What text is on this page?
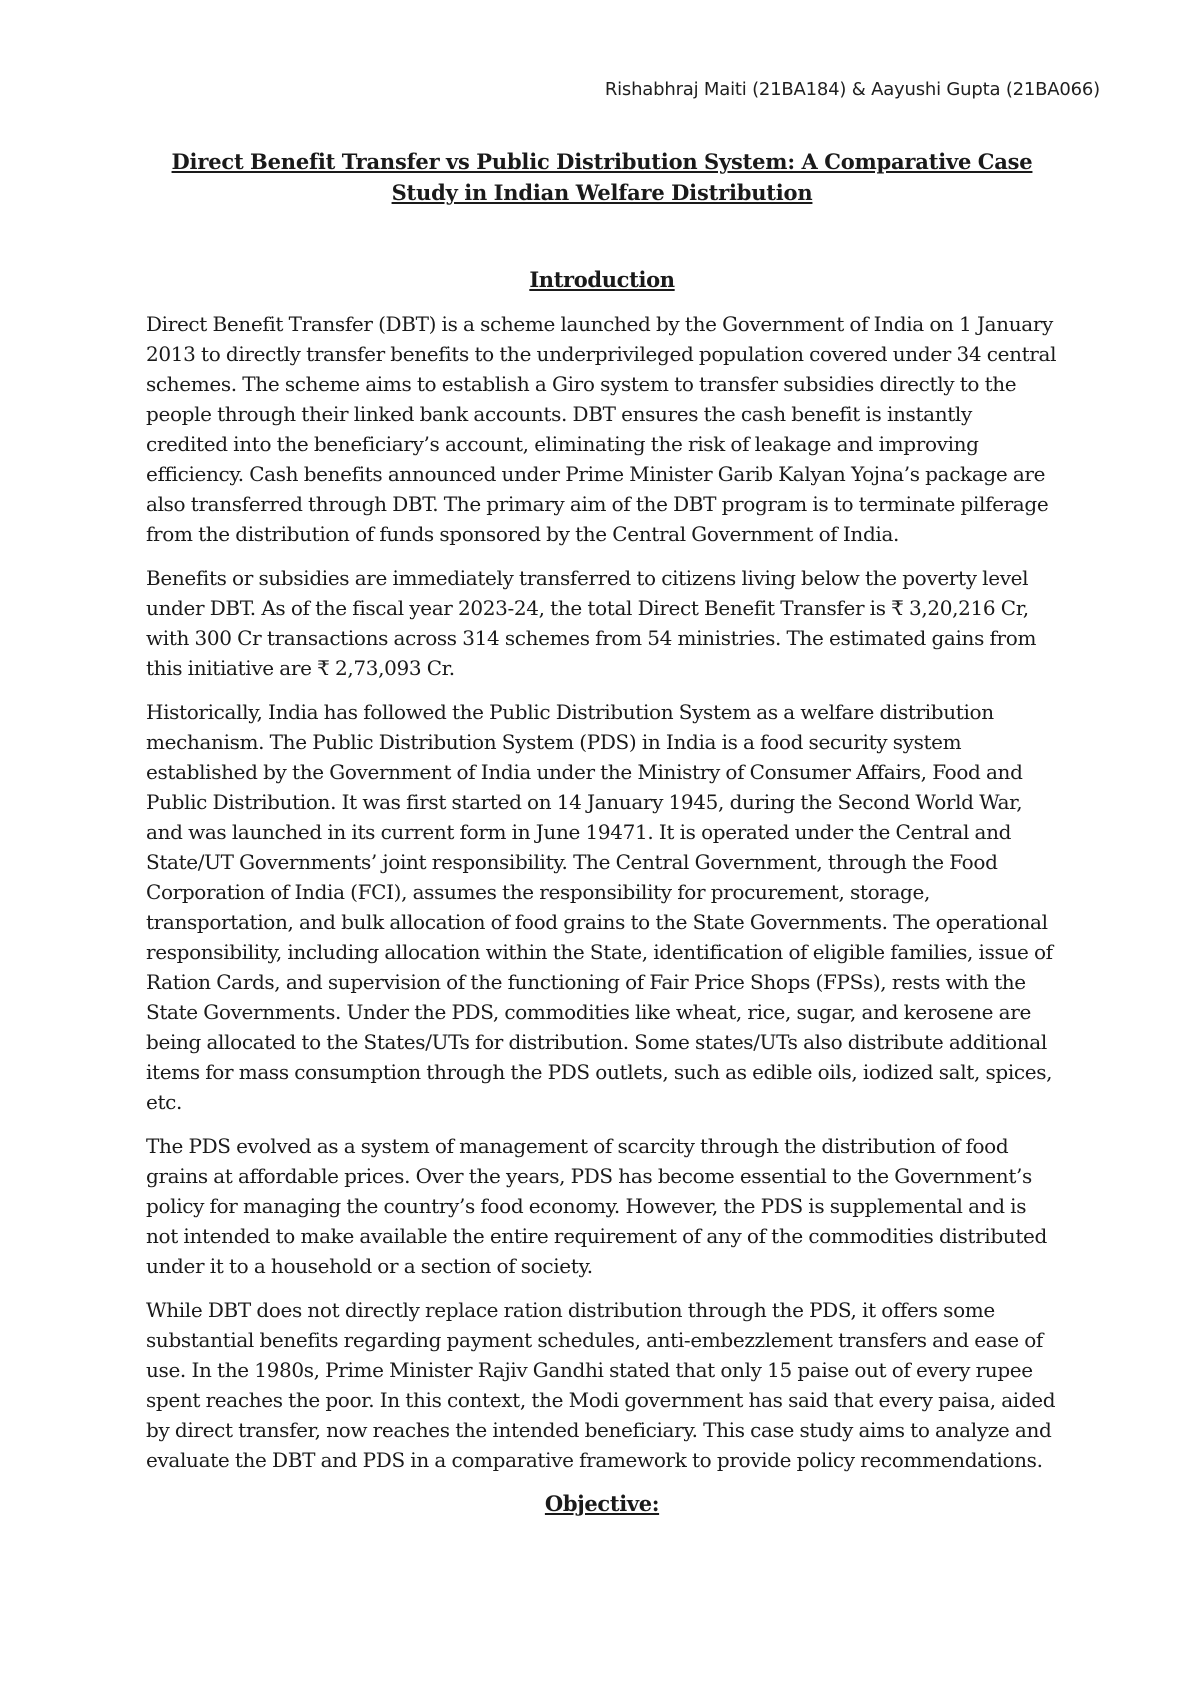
Rishabhraj Maiti (21BA184) & Aayushi Gupta (21BA066)
Direct Benefit Transfer vs Public Distribution System: A Comparative Case Study in Indian Welfare Distribution
Introduction

Direct Benefit Transfer (DBT) is a scheme launched by the Government of India on 1 January 2013 to directly transfer benefits to the underprivileged population covered under 34 central schemes. The scheme aims to establish a Giro system to transfer subsidies directly to the people through their linked bank accounts. DBT ensures the cash benefit is instantly credited into the beneficiary’s account, eliminating the risk of leakage and improving efficiency. Cash benefits announced under Prime Minister Garib Kalyan Yojna’s package are also transferred through DBT. The primary aim of the DBT program is to terminate pilferage from the distribution of funds sponsored by the Central Government of India.

Benefits or subsidies are immediately transferred to citizens living below the poverty level under DBT. As of the fiscal year 2023-24, the total Direct Benefit Transfer is ₹ 3,20,216 Cr, with 300 Cr transactions across 314 schemes from 54 ministries. The estimated gains from this initiative are ₹ 2,73,093 Cr.

Historically, India has followed the Public Distribution System as a welfare distribution mechanism. The Public Distribution System (PDS) in India is a food security system established by the Government of India under the Ministry of Consumer Affairs, Food and Public Distribution. It was first started on 14 January 1945, during the Second World War, and was launched in its current form in June 19471. It is operated under the Central and State/UT Governments’ joint responsibility. The Central Government, through the Food Corporation of India (FCI), assumes the responsibility for procurement, storage, transportation, and bulk allocation of food grains to the State Governments. The operational responsibility, including allocation within the State, identification of eligible families, issue of Ration Cards, and supervision of the functioning of Fair Price Shops (FPSs), rests with the State Governments. Under the PDS, commodities like wheat, rice, sugar, and kerosene are being allocated to the States/UTs for distribution. Some states/UTs also distribute additional items for mass consumption through the PDS outlets, such as edible oils, iodized salt, spices, etc.

The PDS evolved as a system of management of scarcity through the distribution of food grains at affordable prices. Over the years, PDS has become essential to the Government’s policy for managing the country’s food economy. However, the PDS is supplemental and is not intended to make available the entire requirement of any of the commodities distributed under it to a household or a section of society.

While DBT does not directly replace ration distribution through the PDS, it offers some substantial benefits regarding payment schedules, anti-embezzlement transfers and ease of use. In the 1980s, Prime Minister Rajiv Gandhi stated that only 15 paise out of every rupee spent reaches the poor. In this context, the Modi government has said that every paisa, aided by direct transfer, now reaches the intended beneficiary. This case study aims to analyze and evaluate the DBT and PDS in a comparative framework to provide policy recommendations.

Objective:
